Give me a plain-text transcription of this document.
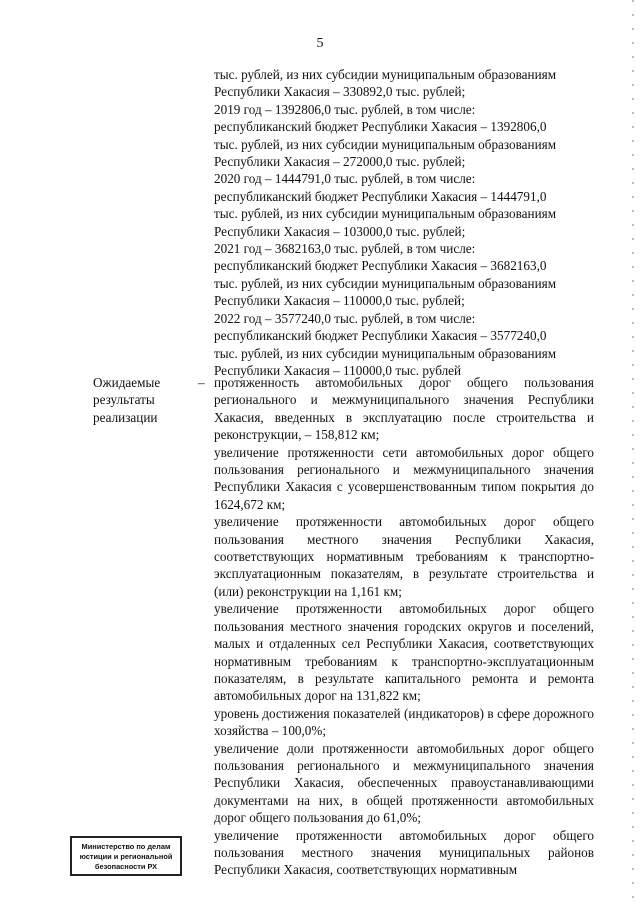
5
тыс. рублей, из них субсидии муниципальным образованиям
Республики Хакасия – 330892,0 тыс. рублей;
2019 год – 1392806,0 тыс. рублей, в том числе:
республиканский бюджет Республики Хакасия – 1392806,0
тыс. рублей, из них субсидии муниципальным образованиям
Республики Хакасия – 272000,0 тыс. рублей;
2020 год – 1444791,0 тыс. рублей, в том числе:
республиканский бюджет Республики Хакасия – 1444791,0
тыс. рублей, из них субсидии муниципальным образованиям
Республики Хакасия – 103000,0 тыс. рублей;
2021 год – 3682163,0 тыс. рублей, в том числе:
республиканский бюджет Республики Хакасия – 3682163,0
тыс. рублей, из них субсидии муниципальным образованиям
Республики Хакасия – 110000,0 тыс. рублей;
2022 год – 3577240,0 тыс. рублей, в том числе:
республиканский бюджет Республики Хакасия – 3577240,0
тыс. рублей, из них субсидии муниципальным образованиям
Республики Хакасия – 110000,0 тыс. рублей
Ожидаемые результаты реализации
– протяженность автомобильных дорог общего пользования регионального и межмуниципального значения Республики Хакасия, введенных в эксплуатацию после строительства и реконструкции, – 158,812 км;
увеличение протяженности сети автомобильных дорог общего пользования регионального и межмуниципального значения Республики Хакасия с усовершенствованным типом покрытия до 1624,672 км;
увеличение протяженности автомобильных дорог общего пользования местного значения Республики Хакасия, соответствующих нормативным требованиям к транспортно-эксплуатационным показателям, в результате строительства и (или) реконструкции на 1,161 км;
увеличение протяженности автомобильных дорог общего пользования местного значения городских округов и поселений, малых и отдаленных сел Республики Хакасия, соответствующих нормативным требованиям к транспортно-эксплуатационным показателям, в результате капитального ремонта и ремонта автомобильных дорог на 131,822 км;
уровень достижения показателей (индикаторов) в сфере дорожного хозяйства – 100,0%;
увеличение доли протяженности автомобильных дорог общего пользования регионального и межмуниципального значения Республики Хакасия, обеспеченных правоустанавливающими документами на них, в общей протяженности автомобильных дорог общего пользования до 61,0%;
увеличение протяженности автомобильных дорог общего пользования местного значения муниципальных районов Республики Хакасия, соответствующих нормативным
Министерство по делам
юстиции и региональной
безопасности РХ
